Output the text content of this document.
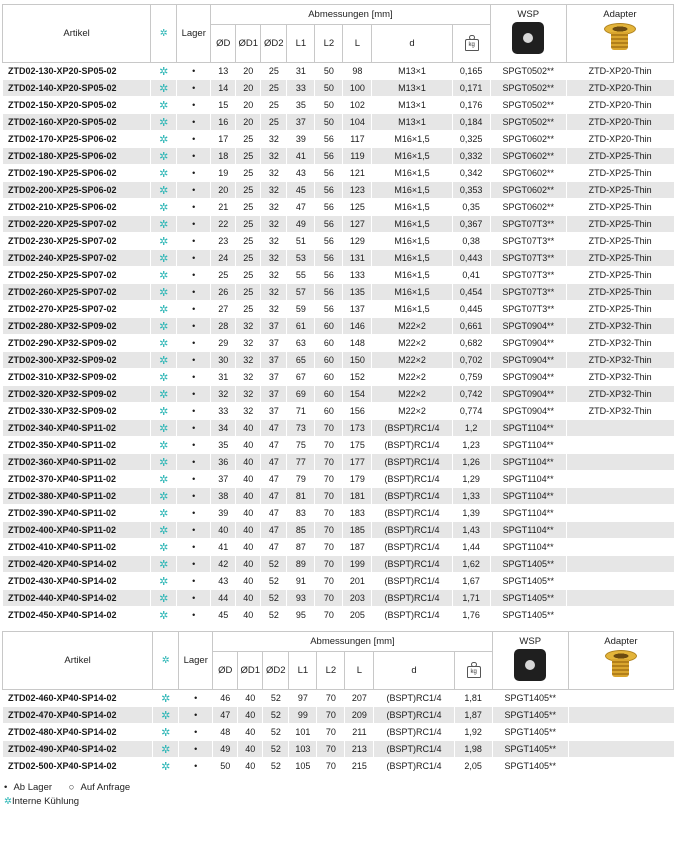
Artikel	✲	Lager	Abmessungen [mm]								WSP	Adapter

			ØD	ØD1	ØD2	L1	L2	L	d	kg		

ZTD02-130-XP20-SP05-02	✲	•	13	20	25	31	50	98	M13×1	0,165	SPGT0502**	ZTD-XP20-Thin
ZTD02-140-XP20-SP05-02	✲	•	14	20	25	33	50	100	M13×1	0,171	SPGT0502**	ZTD-XP20-Thin
ZTD02-150-XP20-SP05-02	✲	•	15	20	25	35	50	102	M13×1	0,176	SPGT0502**	ZTD-XP20-Thin
ZTD02-160-XP20-SP05-02	✲	•	16	20	25	37	50	104	M13×1	0,184	SPGT0502**	ZTD-XP20-Thin
ZTD02-170-XP25-SP06-02	✲	•	17	25	32	39	56	117	M16×1,5	0,325	SPGT0602**	ZTD-XP20-Thin
ZTD02-180-XP25-SP06-02	✲	•	18	25	32	41	56	119	M16×1,5	0,332	SPGT0602**	ZTD-XP25-Thin
ZTD02-190-XP25-SP06-02	✲	•	19	25	32	43	56	121	M16×1,5	0,342	SPGT0602**	ZTD-XP25-Thin
ZTD02-200-XP25-SP06-02	✲	•	20	25	32	45	56	123	M16×1,5	0,353	SPGT0602**	ZTD-XP25-Thin
ZTD02-210-XP25-SP06-02	✲	•	21	25	32	47	56	125	M16×1,5	0,35	SPGT0602**	ZTD-XP25-Thin
ZTD02-220-XP25-SP07-02	✲	•	22	25	32	49	56	127	M16×1,5	0,367	SPGT07T3**	ZTD-XP25-Thin
ZTD02-230-XP25-SP07-02	✲	•	23	25	32	51	56	129	M16×1,5	0,38	SPGT07T3**	ZTD-XP25-Thin
ZTD02-240-XP25-SP07-02	✲	•	24	25	32	53	56	131	M16×1,5	0,443	SPGT07T3**	ZTD-XP25-Thin
ZTD02-250-XP25-SP07-02	✲	•	25	25	32	55	56	133	M16×1,5	0,41	SPGT07T3**	ZTD-XP25-Thin
ZTD02-260-XP25-SP07-02	✲	•	26	25	32	57	56	135	M16×1,5	0,454	SPGT07T3**	ZTD-XP25-Thin
ZTD02-270-XP25-SP07-02	✲	•	27	25	32	59	56	137	M16×1,5	0,445	SPGT07T3**	ZTD-XP25-Thin
ZTD02-280-XP32-SP09-02	✲	•	28	32	37	61	60	146	M22×2	0,661	SPGT0904**	ZTD-XP32-Thin
ZTD02-290-XP32-SP09-02	✲	•	29	32	37	63	60	148	M22×2	0,682	SPGT0904**	ZTD-XP32-Thin
ZTD02-300-XP32-SP09-02	✲	•	30	32	37	65	60	150	M22×2	0,702	SPGT0904**	ZTD-XP32-Thin
ZTD02-310-XP32-SP09-02	✲	•	31	32	37	67	60	152	M22×2	0,759	SPGT0904**	ZTD-XP32-Thin
ZTD02-320-XP32-SP09-02	✲	•	32	32	37	69	60	154	M22×2	0,742	SPGT0904**	ZTD-XP32-Thin
ZTD02-330-XP32-SP09-02	✲	•	33	32	37	71	60	156	M22×2	0,774	SPGT0904**	ZTD-XP32-Thin
ZTD02-340-XP40-SP11-02	✲	•	34	40	47	73	70	173	(BSPT)RC1/4	1,2	SPGT1104**	
ZTD02-350-XP40-SP11-02	✲	•	35	40	47	75	70	175	(BSPT)RC1/4	1,23	SPGT1104**	
ZTD02-360-XP40-SP11-02	✲	•	36	40	47	77	70	177	(BSPT)RC1/4	1,26	SPGT1104**	
ZTD02-370-XP40-SP11-02	✲	•	37	40	47	79	70	179	(BSPT)RC1/4	1,29	SPGT1104**	
ZTD02-380-XP40-SP11-02	✲	•	38	40	47	81	70	181	(BSPT)RC1/4	1,33	SPGT1104**	
ZTD02-390-XP40-SP11-02	✲	•	39	40	47	83	70	183	(BSPT)RC1/4	1,39	SPGT1104**	
ZTD02-400-XP40-SP11-02	✲	•	40	40	47	85	70	185	(BSPT)RC1/4	1,43	SPGT1104**	
ZTD02-410-XP40-SP11-02	✲	•	41	40	47	87	70	187	(BSPT)RC1/4	1,44	SPGT1104**	
ZTD02-420-XP40-SP14-02	✲	•	42	40	52	89	70	199	(BSPT)RC1/4	1,62	SPGT1405**	
ZTD02-430-XP40-SP14-02	✲	•	43	40	52	91	70	201	(BSPT)RC1/4	1,67	SPGT1405**	
ZTD02-440-XP40-SP14-02	✲	•	44	40	52	93	70	203	(BSPT)RC1/4	1,71	SPGT1405**	
ZTD02-450-XP40-SP14-02	✲	•	45	40	52	95	70	205	(BSPT)RC1/4	1,76	SPGT1405**	
Artikel	✲	Lager	Abmessungen [mm]								WSP	Adapter

			ØD	ØD1	ØD2	L1	L2	L	d	kg		

ZTD02-460-XP40-SP14-02	✲	•	46	40	52	97	70	207	(BSPT)RC1/4	1,81	SPGT1405**	
ZTD02-470-XP40-SP14-02	✲	•	47	40	52	99	70	209	(BSPT)RC1/4	1,87	SPGT1405**	
ZTD02-480-XP40-SP14-02	✲	•	48	40	52	101	70	211	(BSPT)RC1/4	1,92	SPGT1405**	
ZTD02-490-XP40-SP14-02	✲	•	49	40	52	103	70	213	(BSPT)RC1/4	1,98	SPGT1405**	
ZTD02-500-XP40-SP14-02	✲	•	50	40	52	105	70	215	(BSPT)RC1/4	2,05	SPGT1405**	
• Ab Lager ○ Auf Anfrage
✲Interne Kühlung
